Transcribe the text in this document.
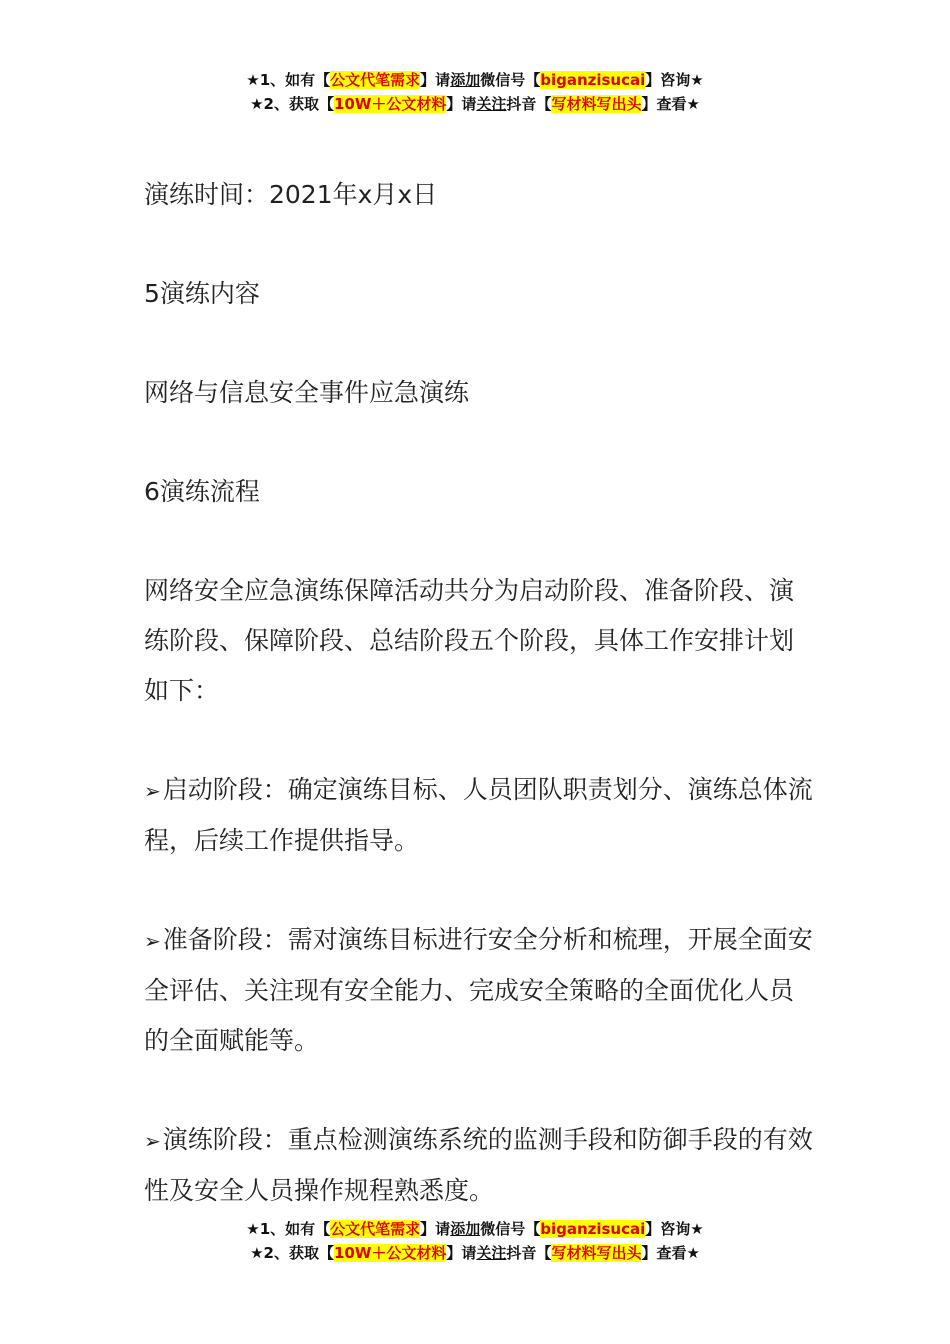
★1、如有【公文代笔需求】请添加微信号【biganzisucai】咨询★
★2、获取【10W＋公文材料】请关注抖音【写材料写出头】查看★

演练时间：2021年x月x日

5演练内容

网络与信息安全事件应急演练

6演练流程

网络安全应急演练保障活动共分为启动阶段、准备阶段、演练阶段、保障阶段、总结阶段五个阶段，具体工作安排计划如下：

➢启动阶段：确定演练目标、人员团队职责划分、演练总体流程，后续工作提供指导。

➢准备阶段：需对演练目标进行安全分析和梳理，开展全面安全评估、关注现有安全能力、完成安全策略的全面优化人员的全面赋能等。

➢演练阶段：重点检测演练系统的监测手段和防御手段的有效性及安全人员操作规程熟悉度。

★1、如有【公文代笔需求】请添加微信号【biganzisucai】咨询★
★2、获取【10W＋公文材料】请关注抖音【写材料写出头】查看★
